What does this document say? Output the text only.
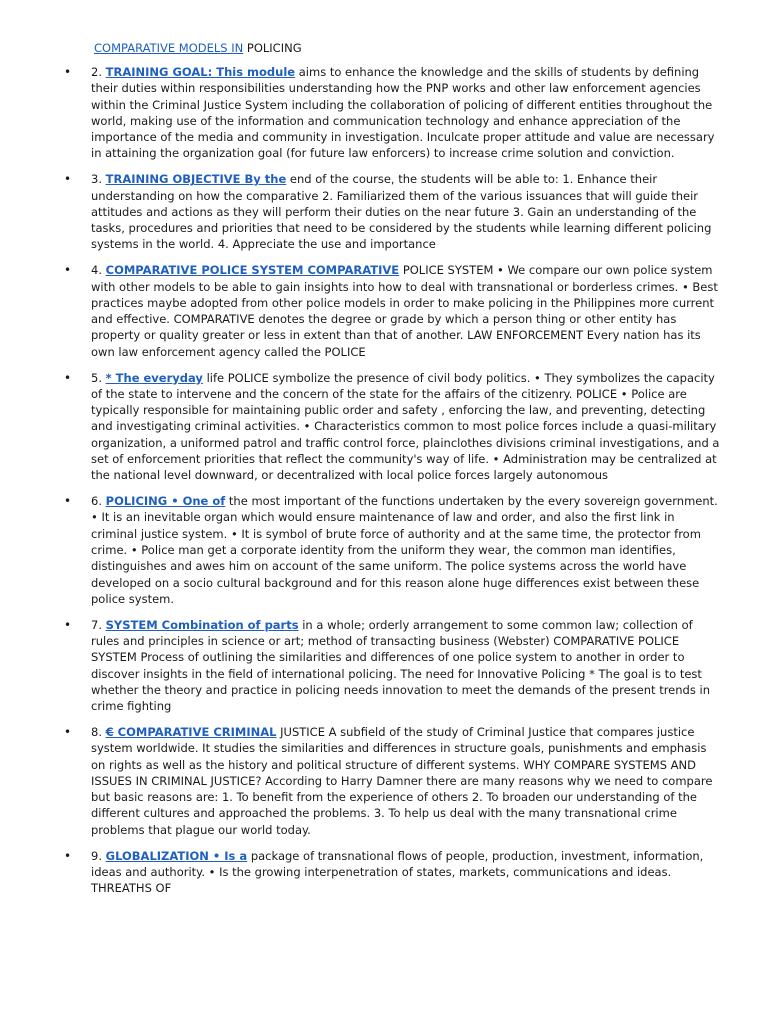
COMPARATIVE MODELS IN POLICING
• 2. TRAINING GOAL: This module aims to enhance the knowledge and the skills of students by defining their duties within responsibilities understanding how the PNP works and other law enforcement agencies within the Criminal Justice System including the collaboration of policing of different entities throughout the world, making use of the information and communication technology and enhance appreciation of the importance of the media and community in investigation. Inculcate proper attitude and value are necessary in attaining the organization goal (for future law enforcers) to increase crime solution and conviction.
• 3. TRAINING OBJECTIVE By the end of the course, the students will be able to: 1. Enhance their understanding on how the comparative 2. Familiarized them of the various issuances that will guide their attitudes and actions as they will perform their duties on the near future 3. Gain an understanding of the tasks, procedures and priorities that need to be considered by the students while learning different policing systems in the world. 4. Appreciate the use and importance
• 4. COMPARATIVE POLICE SYSTEM COMPARATIVE POLICE SYSTEM • We compare our own police system with other models to be able to gain insights into how to deal with transnational or borderless crimes. • Best practices maybe adopted from other police models in order to make policing in the Philippines more current and effective. COMPARATIVE denotes the degree or grade by which a person thing or other entity has property or quality greater or less in extent than that of another. LAW ENFORCEMENT Every nation has its own law enforcement agency called the POLICE
• 5. * The everyday life POLICE symbolize the presence of civil body politics. • They symbolizes the capacity of the state to intervene and the concern of the state for the affairs of the citizenry. POLICE • Police are typically responsible for maintaining public order and safety , enforcing the law, and preventing, detecting and investigating criminal activities. • Characteristics common to most police forces include a quasi-military organization, a uniformed patrol and traffic control force, plainclothes divisions criminal investigations, and a set of enforcement priorities that reflect the community's way of life. • Administration may be centralized at the national level downward, or decentralized with local police forces largely autonomous
• 6. POLICING • One of the most important of the functions undertaken by the every sovereign government. • It is an inevitable organ which would ensure maintenance of law and order, and also the first link in criminal justice system. • It is symbol of brute force of authority and at the same time, the protector from crime. • Police man get a corporate identity from the uniform they wear, the common man identifies, distinguishes and awes him on account of the same uniform. The police systems across the world have developed on a socio cultural background and for this reason alone huge differences exist between these police system.
• 7. SYSTEM Combination of parts in a whole; orderly arrangement to some common law; collection of rules and principles in science or art; method of transacting business (Webster) COMPARATIVE POLICE SYSTEM Process of outlining the similarities and differences of one police system to another in order to discover insights in the field of international policing. The need for Innovative Policing * The goal is to test whether the theory and practice in policing needs innovation to meet the demands of the present trends in crime fighting
• 8. € COMPARATIVE CRIMINAL JUSTICE A subfield of the study of Criminal Justice that compares justice system worldwide. It studies the similarities and differences in structure goals, punishments and emphasis on rights as well as the history and political structure of different systems. WHY COMPARE SYSTEMS AND ISSUES IN CRIMINAL JUSTICE? According to Harry Damner there are many reasons why we need to compare but basic reasons are: 1. To benefit from the experience of others 2. To broaden our understanding of the different cultures and approached the problems. 3. To help us deal with the many transnational crime problems that plague our world today.
• 9. GLOBALIZATION • Is a package of transnational flows of people, production, investment, information, ideas and authority. • Is the growing interpenetration of states, markets, communications and ideas. THREATHS OF
